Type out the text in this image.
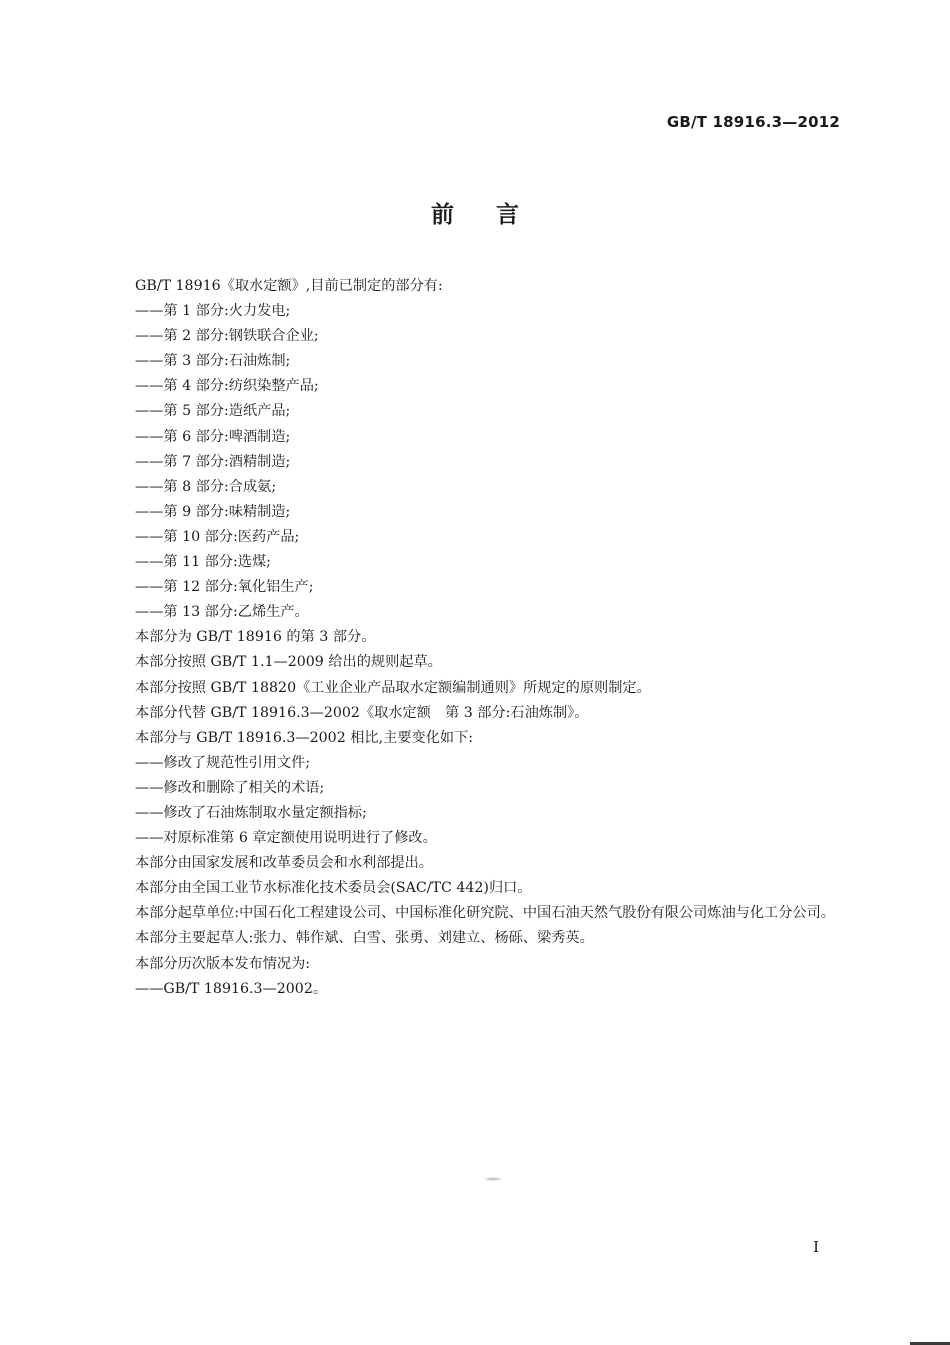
GB/T 18916.3—2012
前言
GB/T 18916《取水定额》,目前已制定的部分有:
——第 1 部分:火力发电;
——第 2 部分:钢铁联合企业;
——第 3 部分:石油炼制;
——第 4 部分:纺织染整产品;
——第 5 部分:造纸产品;
——第 6 部分:啤酒制造;
——第 7 部分:酒精制造;
——第 8 部分:合成氨;
——第 9 部分:味精制造;
——第 10 部分:医药产品;
——第 11 部分:选煤;
——第 12 部分:氧化铝生产;
——第 13 部分:乙烯生产。
本部分为 GB/T 18916 的第 3 部分。
本部分按照 GB/T 1.1—2009 给出的规则起草。
本部分按照 GB/T 18820《工业企业产品取水定额编制通则》所规定的原则制定。
本部分代替 GB/T 18916.3—2002《取水定额　第 3 部分:石油炼制》。
本部分与 GB/T 18916.3—2002 相比,主要变化如下:
——修改了规范性引用文件;
——修改和删除了相关的术语;
——修改了石油炼制取水量定额指标;
——对原标准第 6 章定额使用说明进行了修改。
本部分由国家发展和改革委员会和水利部提出。
本部分由全国工业节水标准化技术委员会(SAC/TC 442)归口。
本部分起草单位:中国石化工程建设公司、中国标准化研究院、中国石油天然气股份有限公司炼油与化工分公司。
本部分主要起草人:张力、韩作斌、白雪、张勇、刘建立、杨砾、梁秀英。
本部分历次版本发布情况为:
——GB/T 18916.3—2002。
I
